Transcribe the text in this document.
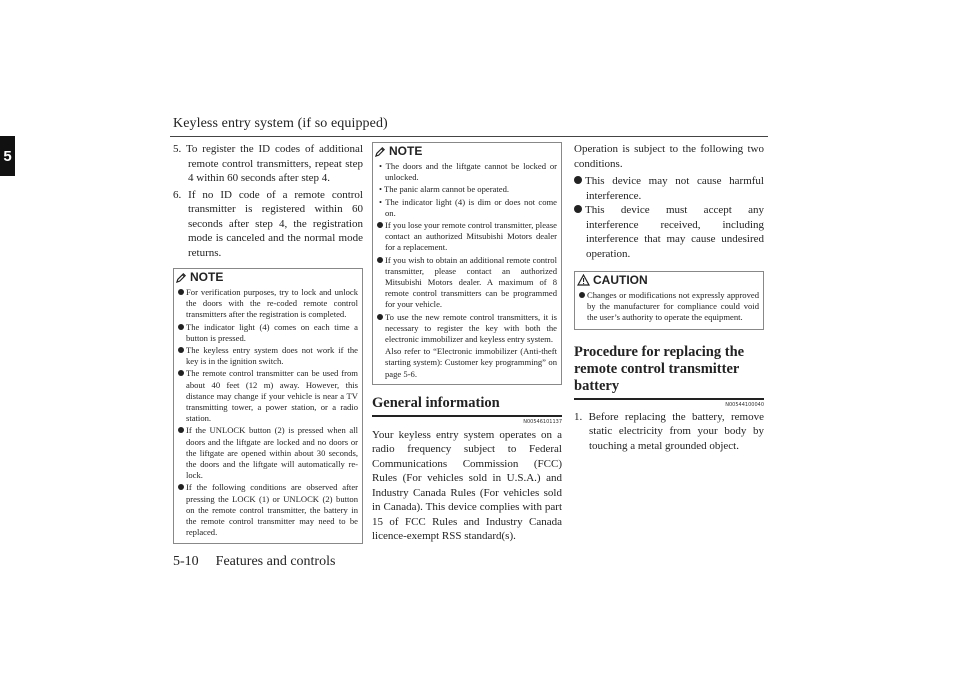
Keyless entry system (if so equipped)
5	5. To register the ID codes of additional remote control transmitters, repeat step 4 within 60 seconds after step 4.

6. If no ID code of a remote control transmitter is registered within 60 seconds after step 4, the registration mode is canceled and the normal mode returns.

NOTE

For verification purposes, try to lock and unlock the doors with the re-coded remote control transmitters after the registration is completed.

The indicator light (4) comes on each time a button is pressed.

The keyless entry system does not work if the key is in the ignition switch.

The remote control transmitter can be used from about 40 feet (12 m) away. However, this distance may change if your vehicle is near a TV transmitting tower, a power station, or a radio station.

If the UNLOCK button (2) is pressed when all doors and the liftgate are locked and no doors or the liftgate are opened within about 30 seconds, the doors and the liftgate will automatically re-lock.

If the following conditions are observed after pressing the LOCK (1) or UNLOCK (2) button on the remote control transmitter, the battery in the remote control transmitter may need to be replaced.

NOTE

• The doors and the liftgate cannot be locked or unlocked.

• The panic alarm cannot be operated.

• The indicator light (4) is dim or does not come on.

If you lose your remote control transmitter, please contact an authorized Mitsubishi Motors dealer for a replacement.

If you wish to obtain an additional remote control transmitter, please contact an authorized Mitsubishi Motors dealer. A maximum of 8 remote control transmitters can be programmed for your vehicle.

To use the new remote control transmitters, it is necessary to register the key with both the electronic immobilizer and keyless entry system.

Also refer to “Electronic immobilizer (Anti-theft starting system): Customer key programming” on page 5-6.

General information
N00546101137

Your keyless entry system operates on a radio frequency subject to Federal Communications Commission (FCC) Rules (For vehicles sold in U.S.A.) and Industry Canada Rules (For vehicles sold in Canada). This device complies with part 15 of FCC Rules and Industry Canada licence-exempt RSS standard(s).

Operation is subject to the following two conditions.

This device may not cause harmful interference.

This device must accept any interference received, including interference that may cause undesired operation.

CAUTION

Changes or modifications not expressly approved by the manufacturer for compliance could void the user’s authority to operate the equipment.

Procedure for replacing the remote control transmitter battery
N00544100040

1. Before replacing the battery, remove static electricity from your body by touching a metal grounded object.

5-10 Features and controls
